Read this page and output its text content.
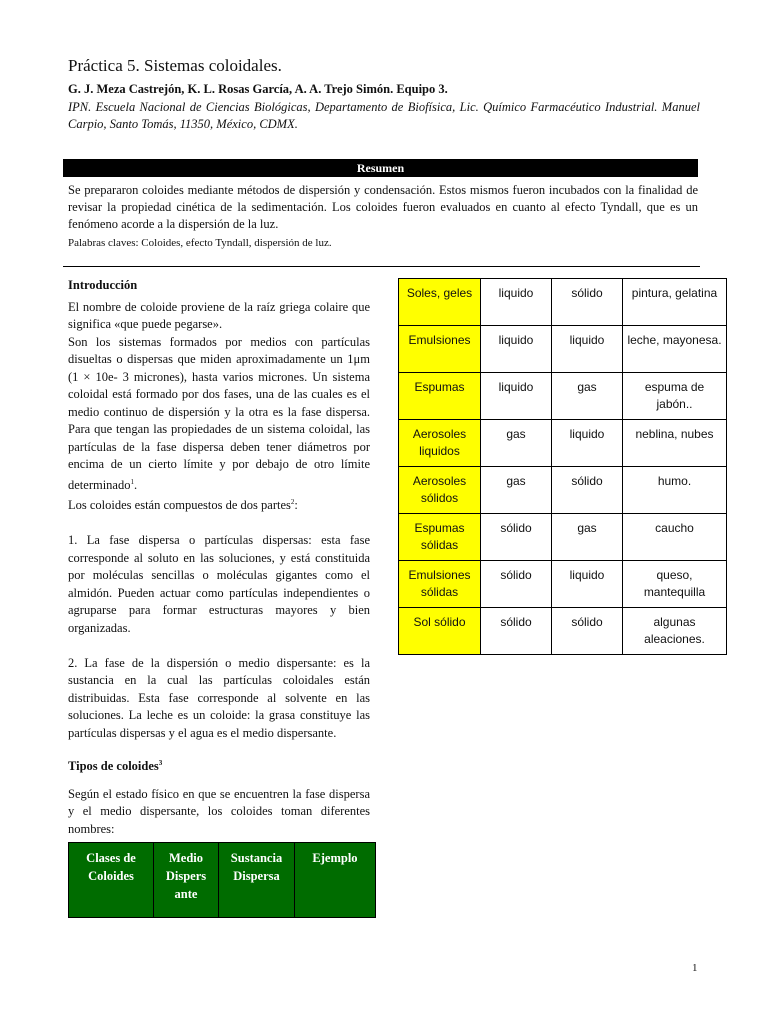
Práctica 5. Sistemas coloidales.
G. J. Meza Castrejón, K. L. Rosas García, A. A. Trejo Simón. Equipo 3.
IPN. Escuela Nacional de Ciencias Biológicas, Departamento de Biofísica, Lic. Químico Farmacéutico Industrial. Manuel Carpio, Santo Tomás, 11350, México, CDMX.
Resumen
Se prepararon coloides mediante métodos de dispersión y condensación. Estos mismos fueron incubados con la finalidad de revisar la propiedad cinética de la sedimentación. Los coloides fueron evaluados en cuanto al efecto Tyndall, que es un fenómeno acorde a la dispersión de la luz.
Palabras claves: Coloides, efecto Tyndall, dispersión de luz.

Introducción

El nombre de coloide proviene de la raíz griega colaire que significa «que puede pegarse».

Son los sistemas formados por medios con partículas disueltas o dispersas que miden aproximadamente un 1μm (1 × 10e- 3 micrones), hasta varios micrones. Un sistema coloidal está formado por dos fases, una de las cuales es el medio continuo de dispersión y la otra es la fase dispersa. Para que tengan las propiedades de un sistema coloidal, las partículas de la fase dispersa deben tener diámetros por encima de un cierto límite y por debajo de otro límite determinado$^1$.

Los coloides están compuestos de dos partes$^2$:

1. La fase dispersa o partículas dispersas: esta fase corresponde al soluto en las soluciones, y está constituida por moléculas sencillas o moléculas gigantes como el almidón. Pueden actuar como partículas independientes o agruparse para formar estructuras mayores y bien organizadas.

2. La fase de la dispersión o medio dispersante: es la sustancia en la cual las partículas coloidales están distribuidas. Esta fase corresponde al solvente en las soluciones. La leche es un coloide: la grasa constituye las partículas dispersas y el agua es el medio dispersante.

Tipos de coloides$^3$

Según el estado físico en que se encuentren la fase dispersa y el medio dispersante, los coloides toman diferentes nombres:

Clases de Coloides	Medio Dispers ante	Sustancia Dispersa	Ejemplo
Soles, geles	liquido	sólido	pintura, gelatina
Emulsiones	liquido	liquido	leche, mayonesa.
Espumas	liquido	gas	espuma de jabón..
Aerosoles liquidos	gas	liquido	neblina, nubes
Aerosoles sólidos	gas	sólido	humo.
Espumas sólidas	sólido	gas	caucho
Emulsiones sólidas	sólido	liquido	queso, mantequilla
Sol sólido	sólido	sólido	algunas aleaciones.
1
